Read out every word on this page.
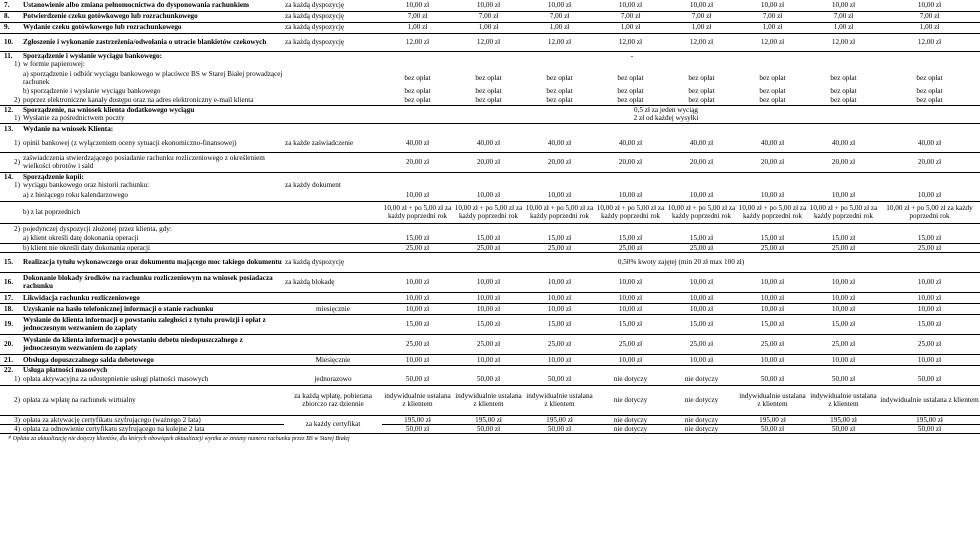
7.	Ustanowienie albo zmiana pełnomocnictwa do dysponowania rachunkiem	za każdą dyspozycję	10,00 zł	10,00 zł	10,00 zł	10,00 zł	10,00 zł	10,00 zł	10,00 zł	10,00 zł
8.	Potwierdzenie czeku gotówkowego lub rozrachunkowego	za każdą dyspozycję	7,00 zł	7,00 zł	7,00 zł	7,00 zł	7,00 zł	7,00 zł	7,00 zł	7,00 zł
9.	Wydanie czeku gotówkowego lub rozrachunkowego	za każdą dyspozycję	1,00 zł	1,00 zł	1,00 zł	1,00 zł	1,00 zł	1,00 zł	1,00 zł	1,00 zł
10.	Zgłoszenie i wykonanie zastrzeżenia/odwołania o utracie blankietów czekowych	za każdą dyspozycję	12,00 zł	12,00 zł	12,00 zł	12,00 zł	12,00 zł	12,00 zł	12,00 zł	12,00 zł
11.	Sporządzenie i wysłanie wyciągu bankowego:	-								
1)	w formie papierowej:									
	a) sporządzenie i odbiór wyciągu bankowego w placówce BS w Starej Białej prowadzącej rachunek		bez opłat	bez opłat	bez opłat	bez opłat	bez opłat	bez opłat	bez opłat	bez opłat
	b) sporządzenie i wysłanie wyciągu bankowego		bez opłat	bez opłat	bez opłat	bez opłat	bez opłat	bez opłat	bez opłat	bez opłat
2)	poprzez elektroniczne kanały dostępu oraz na adres elektroniczny e-mail klienta		bez opłat	bez opłat	bez opłat	bez opłat	bez opłat	bez opłat	bez opłat	bez opłat
12.	Sporządzenie, na wniosek klienta dodatkowego wyciągu					0,5 zł za jeden wyciąg				
1)	Wysłanie za pośrednictwem poczty					2 zł od każdej wysyłki				
13.	Wydanie na wniosek Klienta:									
1)	opinii bankowej (z wyłączeniem oceny sytuacji ekonomiczno-finansowej)	za każde zaświadczenie	40,00 zł	40,00 zł	40,00 zł	40,00 zł	40,00 zł	40,00 zł	40,00 zł	40,00 zł
2)	zaświadczenia stwierdzającego posiadanie rachunku rozliczeniowego z określeniem wielkości obrotów i sald		20,00 zł	20,00 zł	20,00 zł	20,00 zł	20,00 zł	20,00 zł	20,00 zł	20,00 zł
14.	Sporządzenie kopii:									
1)	wyciągu bankowego oraz historii rachunku:	za każdy dokument								
	a) z bieżącego roku kalendarzowego		10,00 zł	10,00 zł	10,00 zł	10,00 zł	10,00 zł	10,00 zł	10,00 zł	10,00 zł
	b) z lat poprzednich		10,00 zł + po 5,00 zł za każdy poprzedni rok	10,00 zł + po 5,00 zł za każdy poprzedni rok	10,00 zł + po 5,00 zł za każdy poprzedni rok	10,00 zł + po 5,00 zł za każdy poprzedni rok	10,00 zł + po 5,00 zł za każdy poprzedni rok	10,00 zł + po 5,00 zł za każdy poprzedni rok	10,00 zł + po 5,00 zł za każdy poprzedni rok	10,00 zł + po 5,00 zł za każdy poprzedni rok
2)	pojedynczej dyspozycji złożonej przez klienta, gdy:									
	a) klient określi datę dokonania operacji		15,00 zł	15,00 zł	15,00 zł	15,00 zł	15,00 zł	15,00 zł	15,00 zł	15,00 zł
	b) klient nie określi daty dokonania operacji		25,00 zł	25,00 zł	25,00 zł	25,00 zł	25,00 zł	25,00 zł	25,00 zł	25,00 zł
15.	Realizacja tytułu wykonawczego oraz dokumentu mającego moc takiego dokumentu	za każdą dyspozycję	0,50% kwoty zajętej (min 20 zł max 100 zł)							
16.	Dokonanie blokady środków na rachunku rozliczeniowym na wniosek posiadacza rachunku	za każdą blokadę	10,00 zł	10,00 zł	10,00 zł	10,00 zł	10,00 zł	10,00 zł	10,00 zł	10,00 zł
17.	Likwidacja rachunku rozliczeniowego		10,00 zł	10,00 zł	10,00 zł	10,00 zł	10,00 zł	10,00 zł	10,00 zł	10,00 zł
18.	Uzyskanie na hasło telefonicznej informacji o stanie rachunku	miesięcznie	10,00 zł	10,00 zł	10,00 zł	10,00 zł	10,00 zł	10,00 zł	10,00 zł	10,00 zł
19.	Wysłanie do klienta informacji o powstaniu zaległości z tytułu prowizji i opłat z jednoczesnym wezwaniem do zapłaty		15,00 zł	15,00 zł	15,00 zł	15,00 zł	15,00 zł	15,00 zł	15,00 zł	15,00 zł
20.	Wysłanie do klienta informacji o powstaniu debetu niedopuszczalnego z jednoczesnym wezwaniem do zapłaty		25,00 zł	25,00 zł	25,00 zł	25,00 zł	25,00 zł	25,00 zł	25,00 zł	25,00 zł
21.	Obsługa dopuszczalnego salda debetowego	Miesięcznie	10,00 zł	10,00 zł	10,00 zł	10,00 zł	10,00 zł	10,00 zł	10,00 zł	10,00 zł
22.	Usługa płatności masowych									
1)	opłata aktywacyjna za udostępnienie usługi płatności masowych	jednorazowo	50,00 zł	50,00 zł	50,00 zł	nie dotyczy	nie dotyczy	50,00 zł	50,00 zł	50,00 zł
2)	opłata za wpłatę na rachunek wirtualny	za każdą wpłatę, pobierana zbiorczo raz dziennie	indywidualnie ustalana z klientem	indywidualnie ustalana z klientem	indywidualnie ustalana z klientem	nie dotyczy	nie dotyczy	indywidualnie ustalana z klientem	indywidualnie ustalana z klientem	indywidualnie ustalana z klientem
3)	opłata za aktywację certyfikatu szyfrującego (ważnego 2 lata)	za każdy certyfikat	195,00 zł	195,00 zł	195,00 zł	nie dotyczy	nie dotyczy	195,00 zł	195,00 zł	195,00 zł
4)	opłata za odnowienie certyfikatu szyfrującego na kolejne 2 lata		50,00 zł	50,00 zł	50,00 zł	nie dotyczy	nie dotyczy	50,00 zł	50,00 zł	50,00 zł
³⁾ Opłata za aktualizację nie dotyczy klientów, dla których obowiązek aktualizacji wynika ze zmiany numeru rachunku przez BS w Starej Białej
